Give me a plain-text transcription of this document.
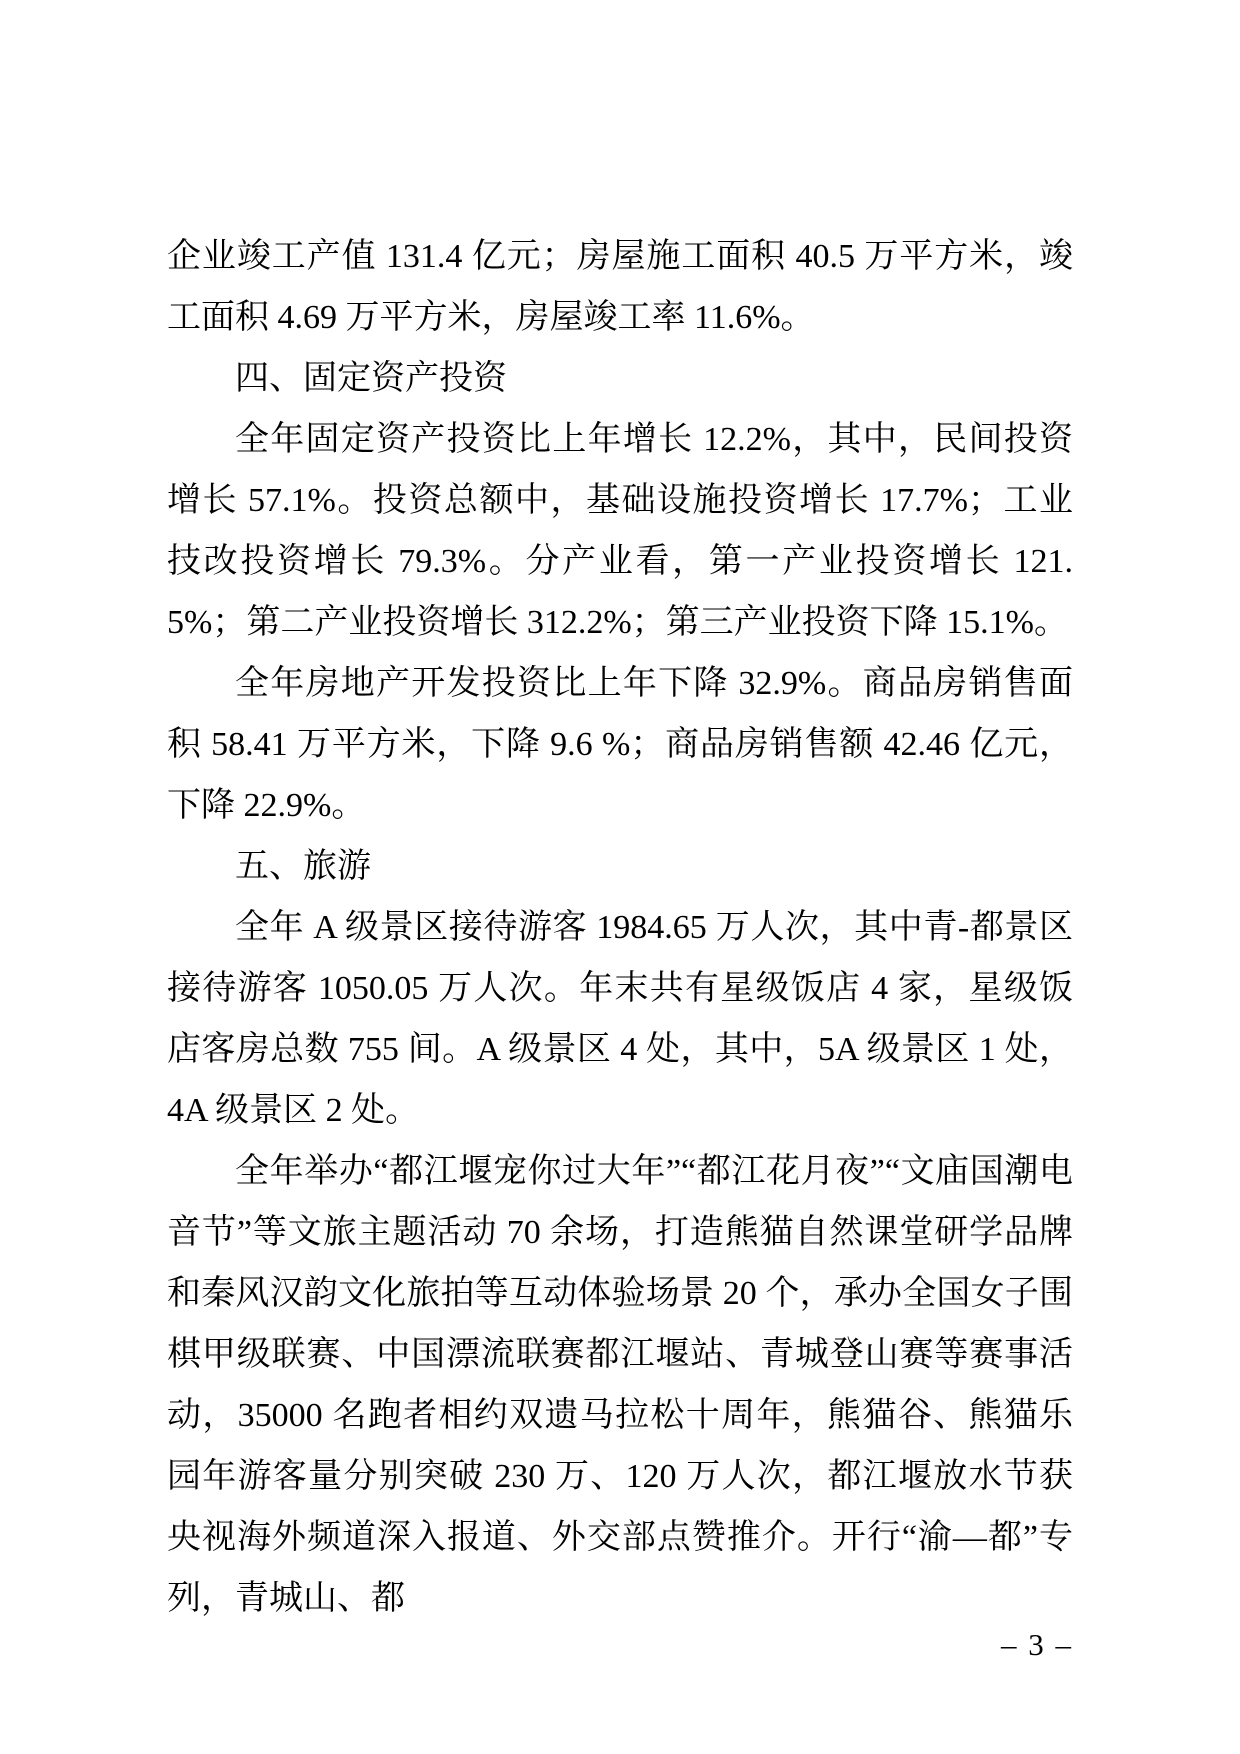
企业竣工产值 131.4 亿元；房屋施工面积 40.5 万平方米，竣工面积 4.69 万平方米，房屋竣工率 11.6%。

四、固定资产投资

全年固定资产投资比上年增长 12.2%，其中，民间投资增长 57.1%。投资总额中，基础设施投资增长 17.7%；工业技改投资增长 79.3%。分产业看，第一产业投资增长 121.5%；第二产业投资增长 312.2%；第三产业投资下降 15.1%。

全年房地产开发投资比上年下降 32.9%。商品房销售面积 58.41 万平方米，下降 9.6 %；商品房销售额 42.46 亿元，下降 22.9%。

五、旅游

全年 A 级景区接待游客 1984.65 万人次，其中青-都景区接待游客 1050.05 万人次。年末共有星级饭店 4 家，星级饭店客房总数 755 间。A 级景区 4 处，其中，5A 级景区 1 处，4A 级景区 2 处。

全年举办“都江堰宠你过大年”“都江花月夜”“文庙国潮电音节”等文旅主题活动 70 余场，打造熊猫自然课堂研学品牌和秦风汉韵文化旅拍等互动体验场景 20 个，承办全国女子围棋甲级联赛、中国漂流联赛都江堰站、青城登山赛等赛事活动，35000 名跑者相约双遗马拉松十周年，熊猫谷、熊猫乐园年游客量分别突破 230 万、120 万人次，都江堰放水节获央视海外频道深入报道、外交部点赞推介。开行“渝—都”专列，青城山、都

– 3 –
